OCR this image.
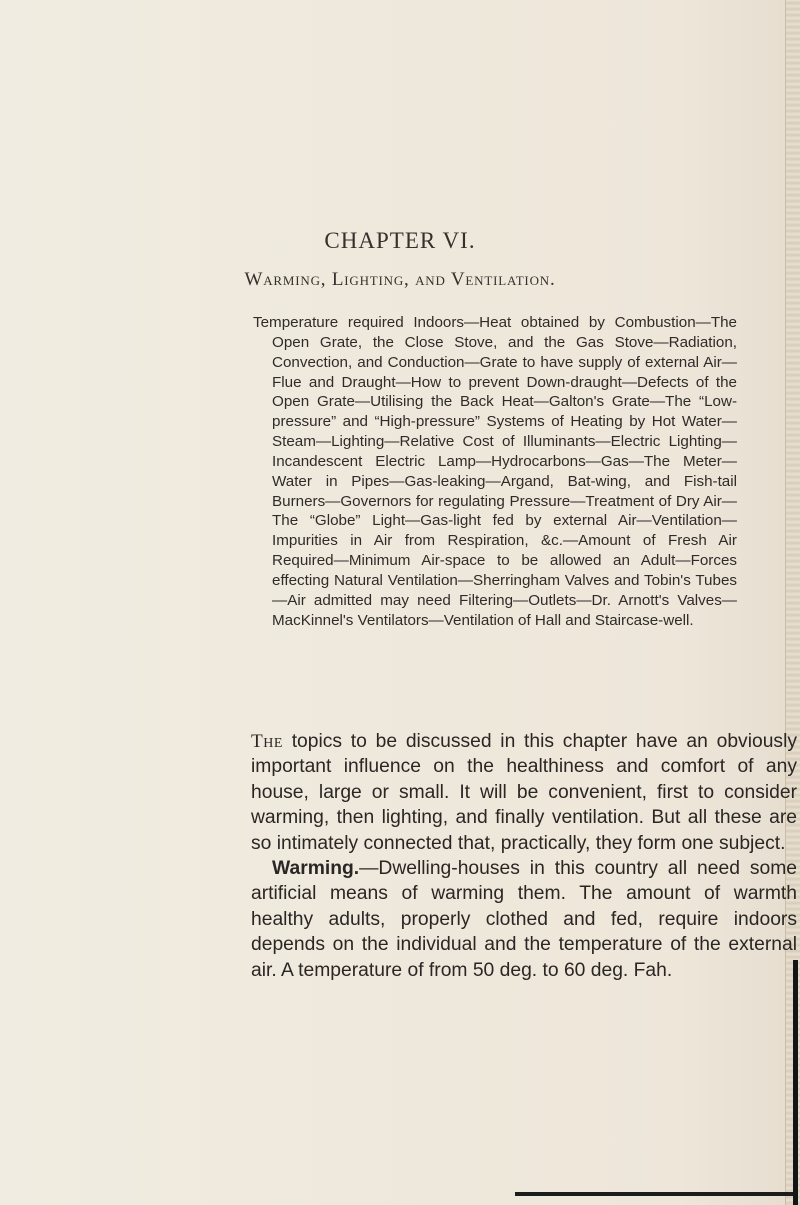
CHAPTER VI.
Warming, Lighting, and Ventilation.
Temperature required Indoors—Heat obtained by Combustion—The Open Grate, the Close Stove, and the Gas Stove—Radiation, Convection, and Conduction—Grate to have supply of external Air—Flue and Draught—How to prevent Down-draught—Defects of the Open Grate—Utilising the Back Heat—Galton's Grate—The “Low-pressure” and “High-pressure” Systems of Heating by Hot Water—Steam—Lighting—Relative Cost of Illuminants—Electric Lighting—Incandescent Electric Lamp—Hydrocarbons—Gas—The Meter—Water in Pipes—Gas-leaking—Argand, Bat-wing, and Fish-tail Burners—Governors for regulating Pressure—Treatment of Dry Air—The “Globe” Light—Gas-light fed by external Air—Ventilation—Impurities in Air from Respiration, &c.—Amount of Fresh Air Required—Minimum Air-space to be allowed an Adult—Forces effecting Natural Ventilation—Sherringham Valves and Tobin's Tubes—Air admitted may need Filtering—Outlets—Dr. Arnott's Valves—MacKinnel's Ventilators—Ventilation of Hall and Staircase-well.

The topics to be discussed in this chapter have an obviously important influence on the healthiness and comfort of any house, large or small. It will be convenient, first to consider warming, then lighting, and finally ventilation. But all these are so intimately connected that, practically, they form one subject.

Warming.—Dwelling-houses in this country all need some artificial means of warming them. The amount of warmth healthy adults, properly clothed and fed, require indoors depends on the individual and the temperature of the external air. A temperature of from 50 deg. to 60 deg. Fah.
